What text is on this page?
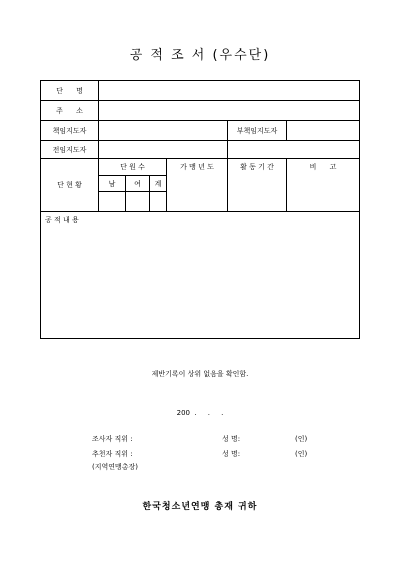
공 적 조 서 (우수단)
단      명						
주      소						
책임지도자					부책임지도자	
전임지도자						
단 현 황	단 원 수			가 맹 년 도	활 동 기 간	비      고
	남	여	계			

공 적 내 용						
제반기록이 상위 없음을 확인함.
200  .     .     .
조사자 직위 :	성 명:	(인)
추천자 직위 :	성 명:	(인)
(지역연맹총장)
한국청소년연맹 총재 귀하
